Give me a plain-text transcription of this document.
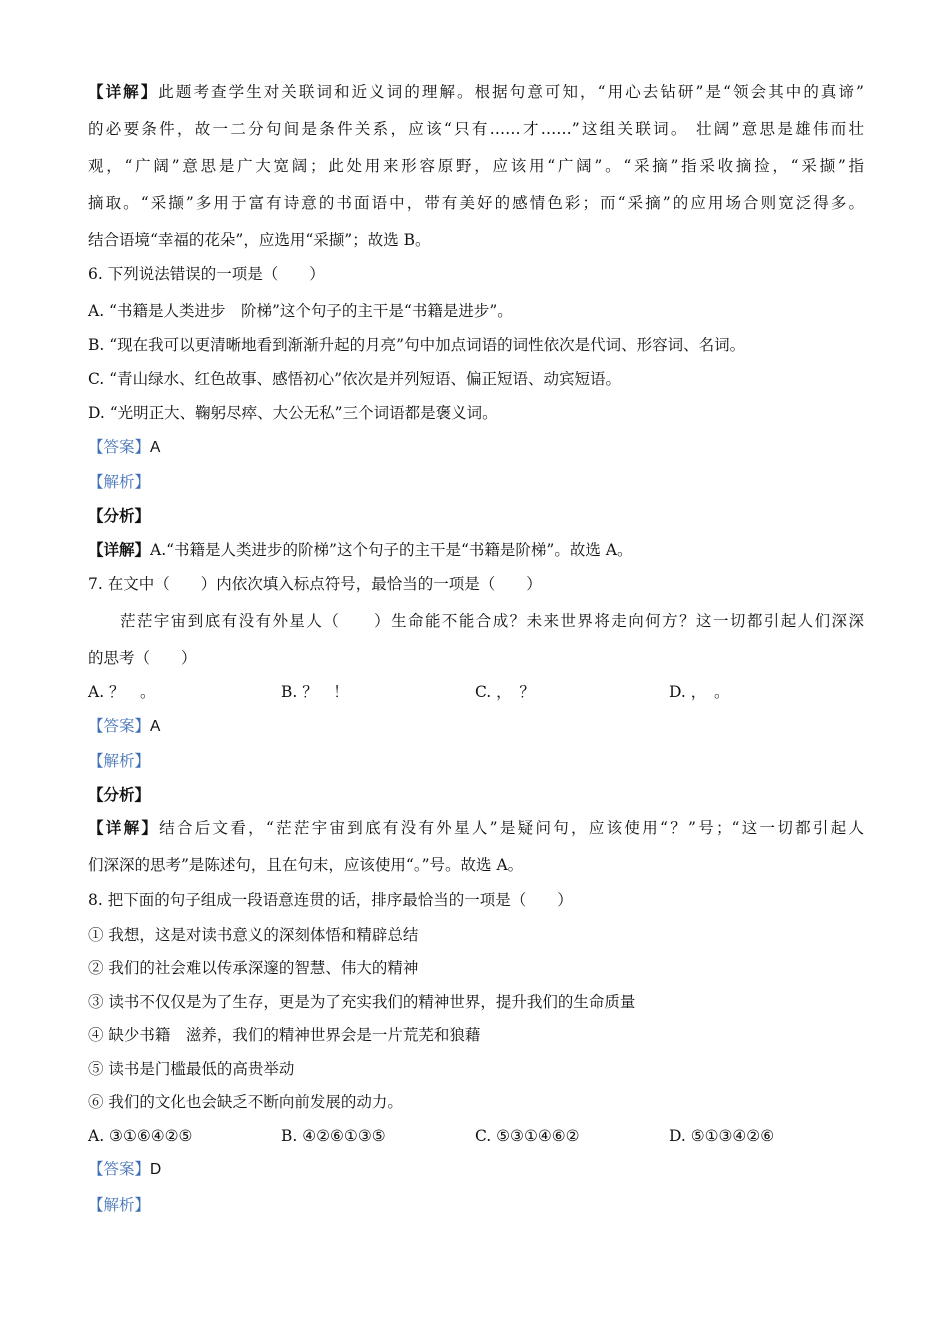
【详解】此题考查学生对关联词和近义词的理解。根据句意可知，“用心去钻研”是“领会其中的真谛”
的必要条件，故一二分句间是条件关系，应该“只有……才……”这组关联词。 壮阔”意思是雄伟而壮
观，“广阔”意思是广大宽阔；此处用来形容原野，应该用“广阔”。“采摘”指采收摘捡，“采撷”指
摘取。“采撷”多用于富有诗意的书面语中，带有美好的感情色彩；而“采摘”的应用场合则宽泛得多。
结合语境“幸福的花朵”，应选用“采撷”；故选 B。
6. 下列说法错误的一项是（　　）
A. “书籍是人类进步　阶梯”这个句子的主干是“书籍是进步”。
B. “现在我可以更清晰地看到渐渐升起的月亮”句中加点词语的词性依次是代词、形容词、名词。
C. “青山绿水、红色故事、感悟初心”依次是并列短语、偏正短语、动宾短语。
D. “光明正大、鞠躬尽瘁、大公无私”三个词语都是褒义词。
【答案】A
【解析】
【分析】
【详解】A.“书籍是人类进步的阶梯”这个句子的主干是“书籍是阶梯”。故选 A。
7. 在文中（　　）内依次填入标点符号，最恰当的一项是（　　）
茫茫宇宙到底有没有外星人（　　）生命能不能合成？未来世界将走向何方？这一切都引起人们深深
的思考（　　）
A. ？　。	B. ？　！	C. ，　？	D. ，　。
【答案】A
【解析】
【分析】
【详解】结合后文看，“茫茫宇宙到底有没有外星人”是疑问句，应该使用“？”号；“这一切都引起人
们深深的思考”是陈述句，且在句末，应该使用“。”号。故选 A。
8. 把下面的句子组成一段语意连贯的话，排序最恰当的一项是（　　）
① 我想，这是对读书意义的深刻体悟和精辟总结
② 我们的社会难以传承深邃的智慧、伟大的精神
③ 读书不仅仅是为了生存，更是为了充实我们的精神世界，提升我们的生命质量
④ 缺少书籍　滋养，我们的精神世界会是一片荒芜和狼藉
⑤ 读书是门槛最低的高贵举动
⑥ 我们的文化也会缺乏不断向前发展的动力。
A. ③①⑥④②⑤	B. ④②⑥①③⑤	C. ⑤③①④⑥②	D. ⑤①③④②⑥
【答案】D
【解析】
